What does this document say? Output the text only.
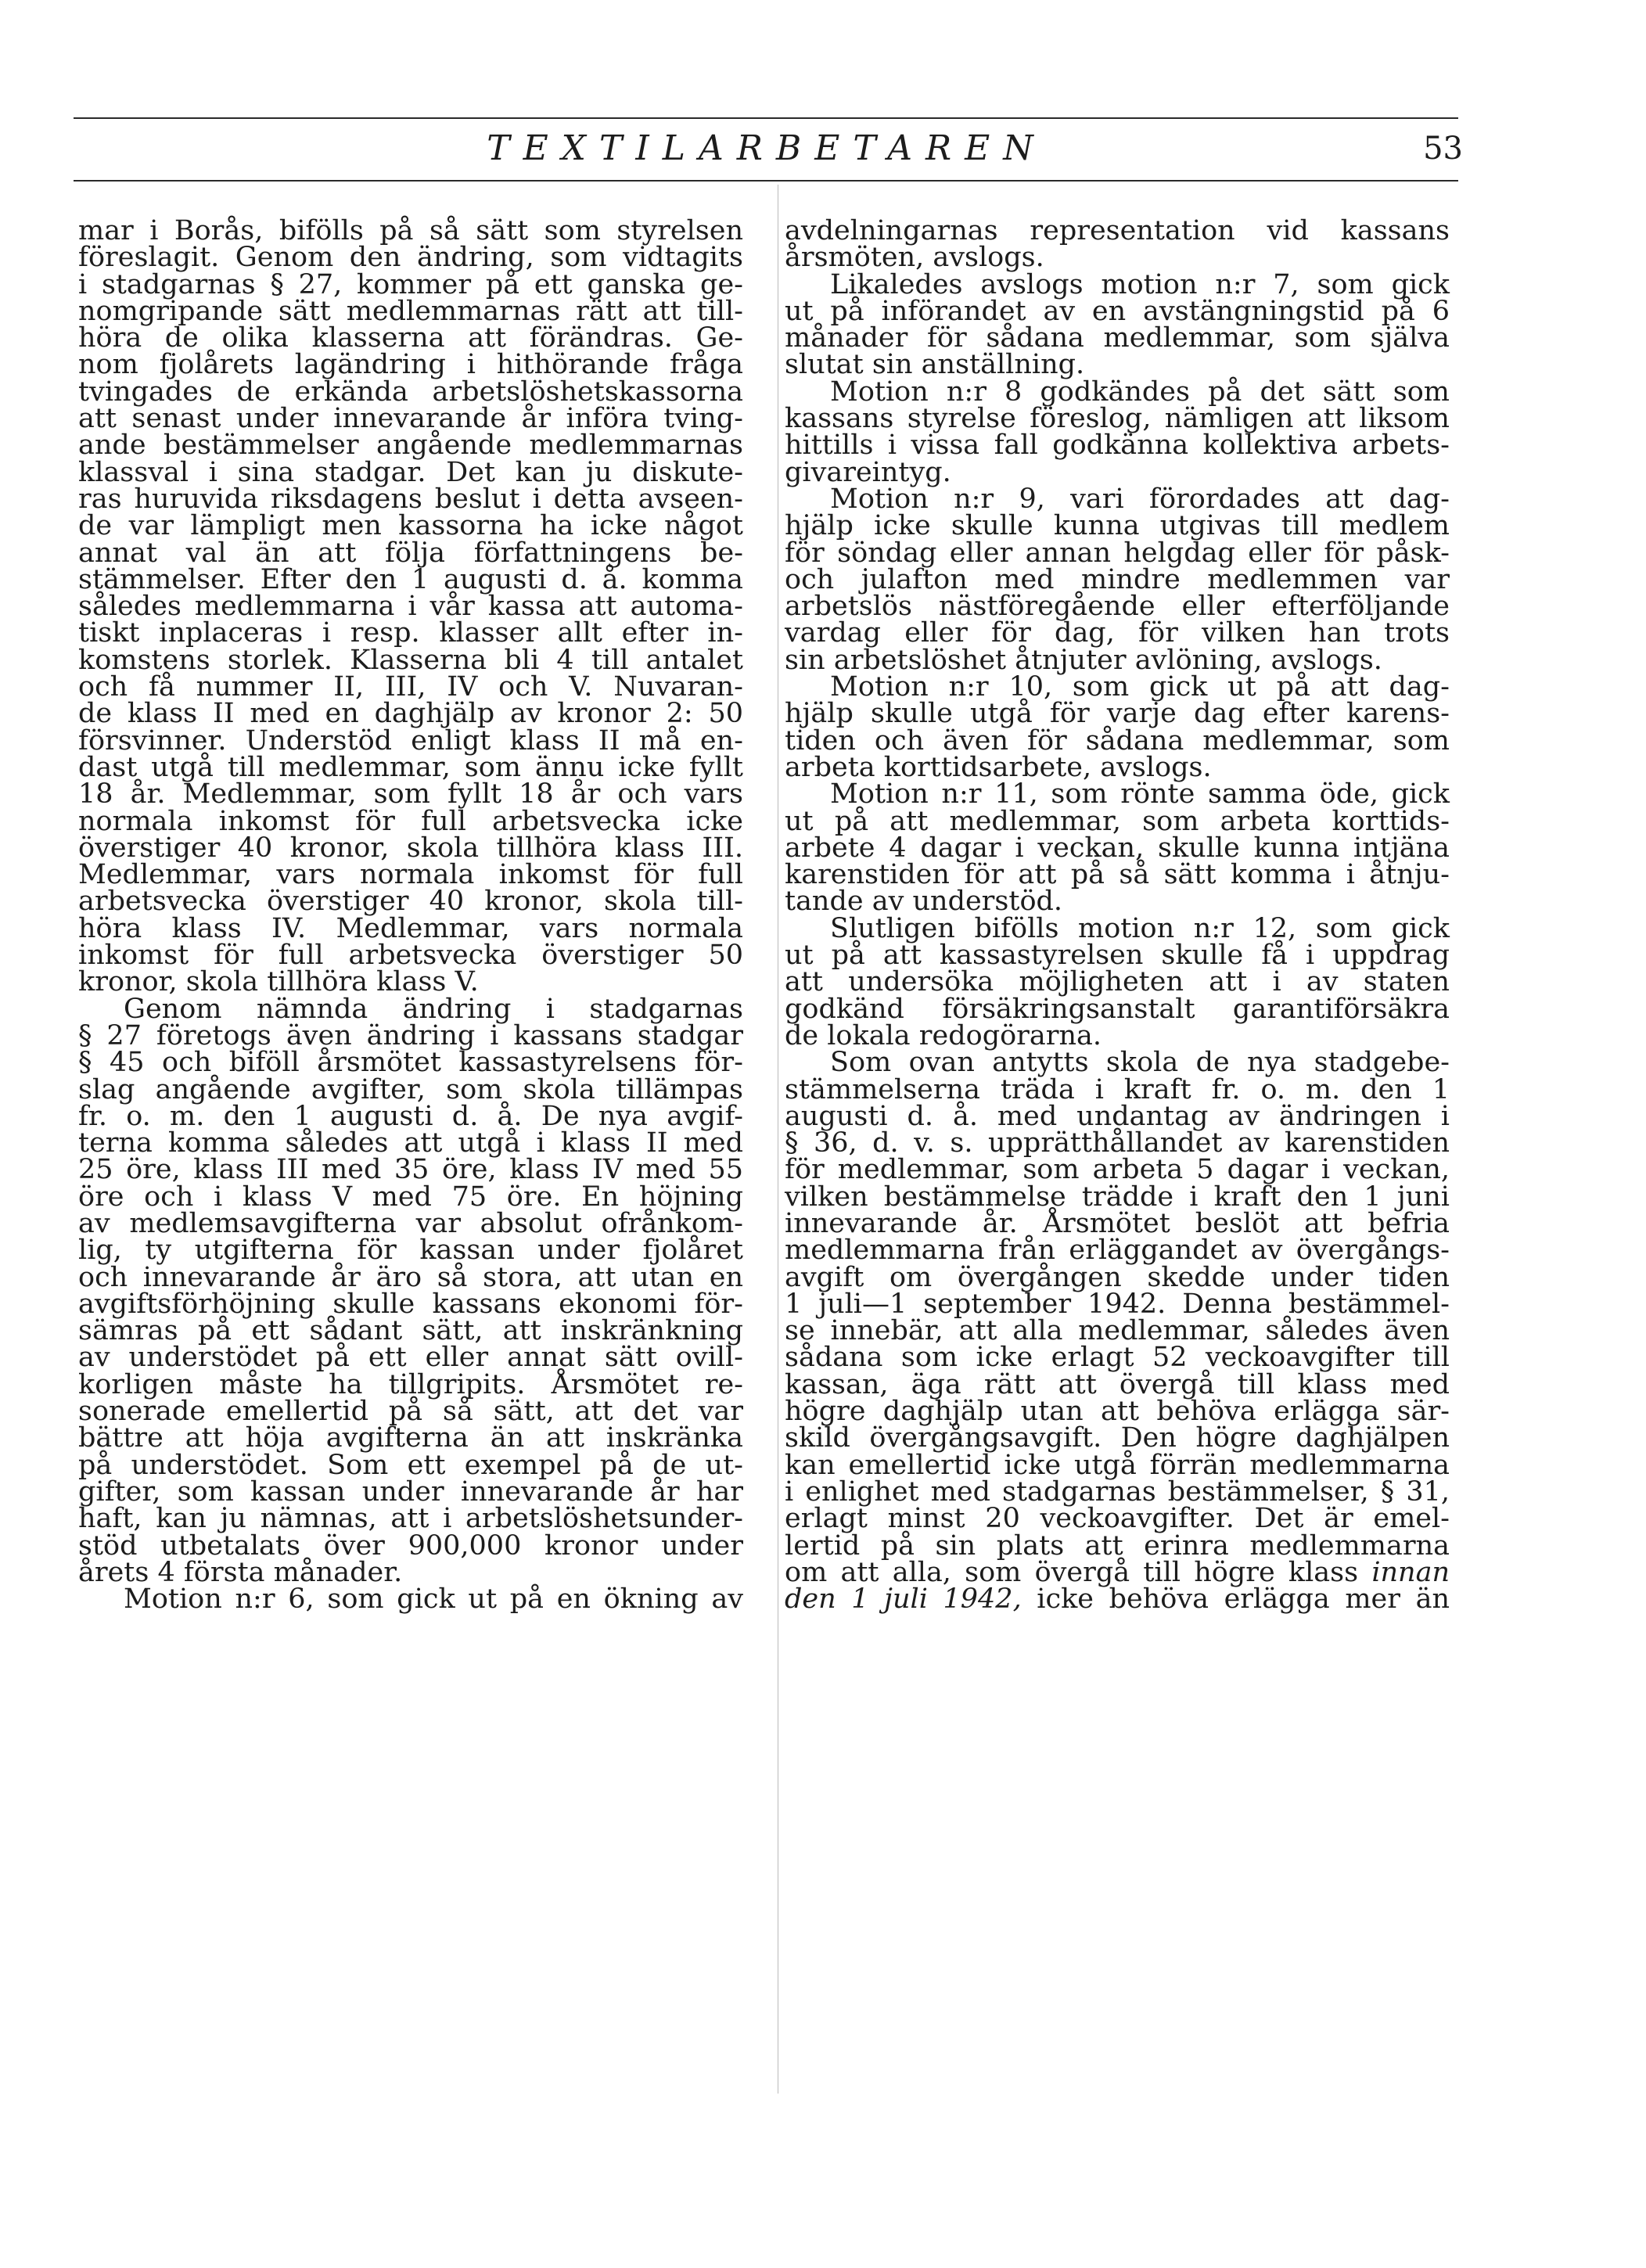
TEXTILARBETAREN	53
mar i Borås, bifölls på så sätt som styrelsen
föreslagit. Genom den ändring, som vidtagits
i stadgarnas § 27, kommer på ett ganska ge-
nomgripande sätt medlemmarnas rätt att till-
höra de olika klasserna att förändras. Ge-
nom fjolårets lagändring i hithörande fråga
tvingades de erkända arbetslöshetskassorna
att senast under innevarande år införa tving-
ande bestämmelser angående medlemmarnas
klassval i sina stadgar. Det kan ju diskute-
ras huruvida riksdagens beslut i detta avseen-
de var lämpligt men kassorna ha icke något
annat val än att följa författningens be-
stämmelser. Efter den 1 augusti d. å. komma
således medlemmarna i vår kassa att automa-
tiskt inplaceras i resp. klasser allt efter in-
komstens storlek. Klasserna bli 4 till antalet
och få nummer II, III, IV och V. Nuvaran-
de klass II med en daghjälp av kronor 2: 50
försvinner. Understöd enligt klass II må en-
dast utgå till medlemmar, som ännu icke fyllt
18 år. Medlemmar, som fyllt 18 år och vars
normala inkomst för full arbetsvecka icke
överstiger 40 kronor, skola tillhöra klass III.
Medlemmar, vars normala inkomst för full
arbetsvecka överstiger 40 kronor, skola till-
höra klass IV. Medlemmar, vars normala
inkomst för full arbetsvecka överstiger 50
kronor, skola tillhöra klass V.
Genom nämnda ändring i stadgarnas
§ 27 företogs även ändring i kassans stadgar
§ 45 och biföll årsmötet kassastyrelsens för-
slag angående avgifter, som skola tillämpas
fr. o. m. den 1 augusti d. å. De nya avgif-
terna komma således att utgå i klass II med
25 öre, klass III med 35 öre, klass IV med 55
öre och i klass V med 75 öre. En höjning
av medlemsavgifterna var absolut ofrånkom-
lig, ty utgifterna för kassan under fjolåret
och innevarande år äro så stora, att utan en
avgiftsförhöjning skulle kassans ekonomi för-
sämras på ett sådant sätt, att inskränkning
av understödet på ett eller annat sätt ovill-
korligen måste ha tillgripits. Årsmötet re-
sonerade emellertid på så sätt, att det var
bättre att höja avgifterna än att inskränka
på understödet. Som ett exempel på de ut-
gifter, som kassan under innevarande år har
haft, kan ju nämnas, att i arbetslöshetsunder-
stöd utbetalats över 900,000 kronor under
årets 4 första månader.
Motion n:r 6, som gick ut på en ökning av
avdelningarnas representation vid kassans
årsmöten, avslogs.
Likaledes avslogs motion n:r 7, som gick
ut på införandet av en avstängningstid på 6
månader för sådana medlemmar, som själva
slutat sin anställning.
Motion n:r 8 godkändes på det sätt som
kassans styrelse föreslog, nämligen att liksom
hittills i vissa fall godkänna kollektiva arbets-
givareintyg.
Motion n:r 9, vari förordades att dag-
hjälp icke skulle kunna utgivas till medlem
för söndag eller annan helgdag eller för påsk-
och julafton med mindre medlemmen var
arbetslös nästföregående eller efterföljande
vardag eller för dag, för vilken han trots
sin arbetslöshet åtnjuter avlöning, avslogs.
Motion n:r 10, som gick ut på att dag-
hjälp skulle utgå för varje dag efter karens-
tiden och även för sådana medlemmar, som
arbeta korttidsarbete, avslogs.
Motion n:r 11, som rönte samma öde, gick
ut på att medlemmar, som arbeta korttids-
arbete 4 dagar i veckan, skulle kunna intjäna
karenstiden för att på så sätt komma i åtnju-
tande av understöd.
Slutligen bifölls motion n:r 12, som gick
ut på att kassastyrelsen skulle få i uppdrag
att undersöka möjligheten att i av staten
godkänd försäkringsanstalt garantiförsäkra
de lokala redogörarna.
Som ovan antytts skola de nya stadgebe-
stämmelserna träda i kraft fr. o. m. den 1
augusti d. å. med undantag av ändringen i
§ 36, d. v. s. upprätthållandet av karenstiden
för medlemmar, som arbeta 5 dagar i veckan,
vilken bestämmelse trädde i kraft den 1 juni
innevarande år. Årsmötet beslöt att befria
medlemmarna från erläggandet av övergångs-
avgift om övergången skedde under tiden
1 juli—1 september 1942. Denna bestämmel-
se innebär, att alla medlemmar, således även
sådana som icke erlagt 52 veckoavgifter till
kassan, äga rätt att övergå till klass med
högre daghjälp utan att behöva erlägga sär-
skild övergångsavgift. Den högre daghjälpen
kan emellertid icke utgå förrän medlemmarna
i enlighet med stadgarnas bestämmelser, § 31,
erlagt minst 20 veckoavgifter. Det är emel-
lertid på sin plats att erinra medlemmarna
om att alla, som övergå till högre klass innan
den 1 juli 1942, icke behöva erlägga mer än
